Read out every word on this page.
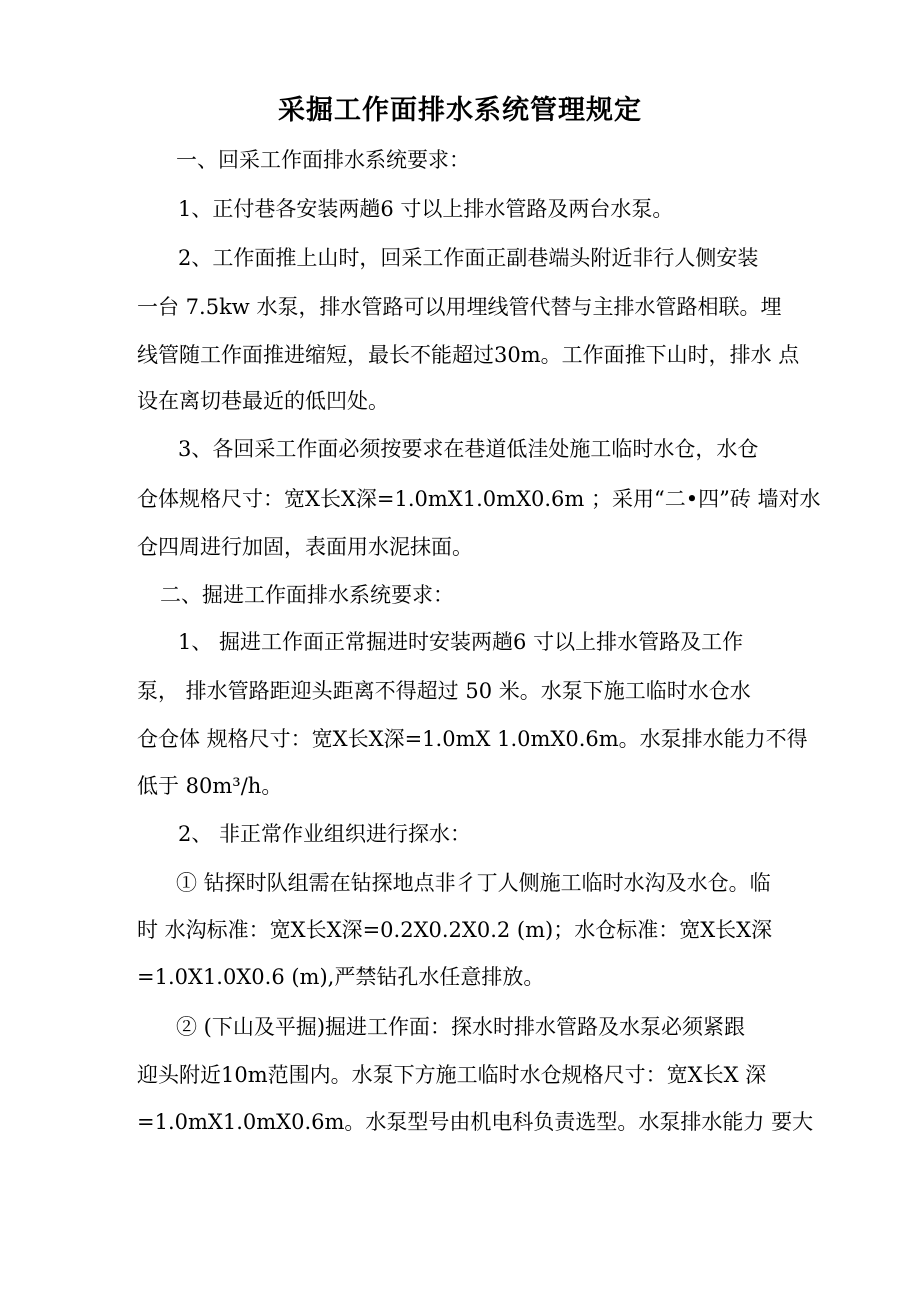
采掘工作面排水系统管理规定
一、回采工作面排水系统要求：
1、正付巷各安装两趟6 寸以上排水管路及两台水泵。
2、工作面推上山时，回采工作面正副巷端头附近非行人侧安装
一台 7.5kw 水泵，排水管路可以用埋线管代替与主排水管路相联。埋
线管随工作面推进缩短，最长不能超过30m。工作面推下山时，排水 点
设在离切巷最近的低凹处。
3、各回采工作面必须按要求在巷道低洼处施工临时水仓，水仓
仓体规格尺寸：宽X长X深=1.0mX1.0mX0.6m ；采用“二•四”砖 墙对水
仓四周进行加固，表面用水泥抹面。
二、掘进工作面排水系统要求：
1、 掘进工作面正常掘进时安装两趟6 寸以上排水管路及工作
泵， 排水管路距迎头距离不得超过 50 米。水泵下施工临时水仓水
仓仓体 规格尺寸：宽X长X深=1.0mX 1.0mX0.6m。水泵排水能力不得
低于 80m³/h。
2、 非正常作业组织进行探水：
① 钻探时队组需在钻探地点非彳丁人侧施工临时水沟及水仓。临
时 水沟标准：宽X长X深=0.2X0.2X0.2 (m)；水仓标准：宽X长X深
=1.0X1.0X0.6 (m),严禁钻孔水任意排放。
② (下山及平掘)掘进工作面：探水时排水管路及水泵必须紧跟
迎头附近10m范围内。水泵下方施工临时水仓规格尺寸：宽X长X 深
=1.0mX1.0mX0.6m。水泵型号由机电科负责选型。水泵排水能力 要大
